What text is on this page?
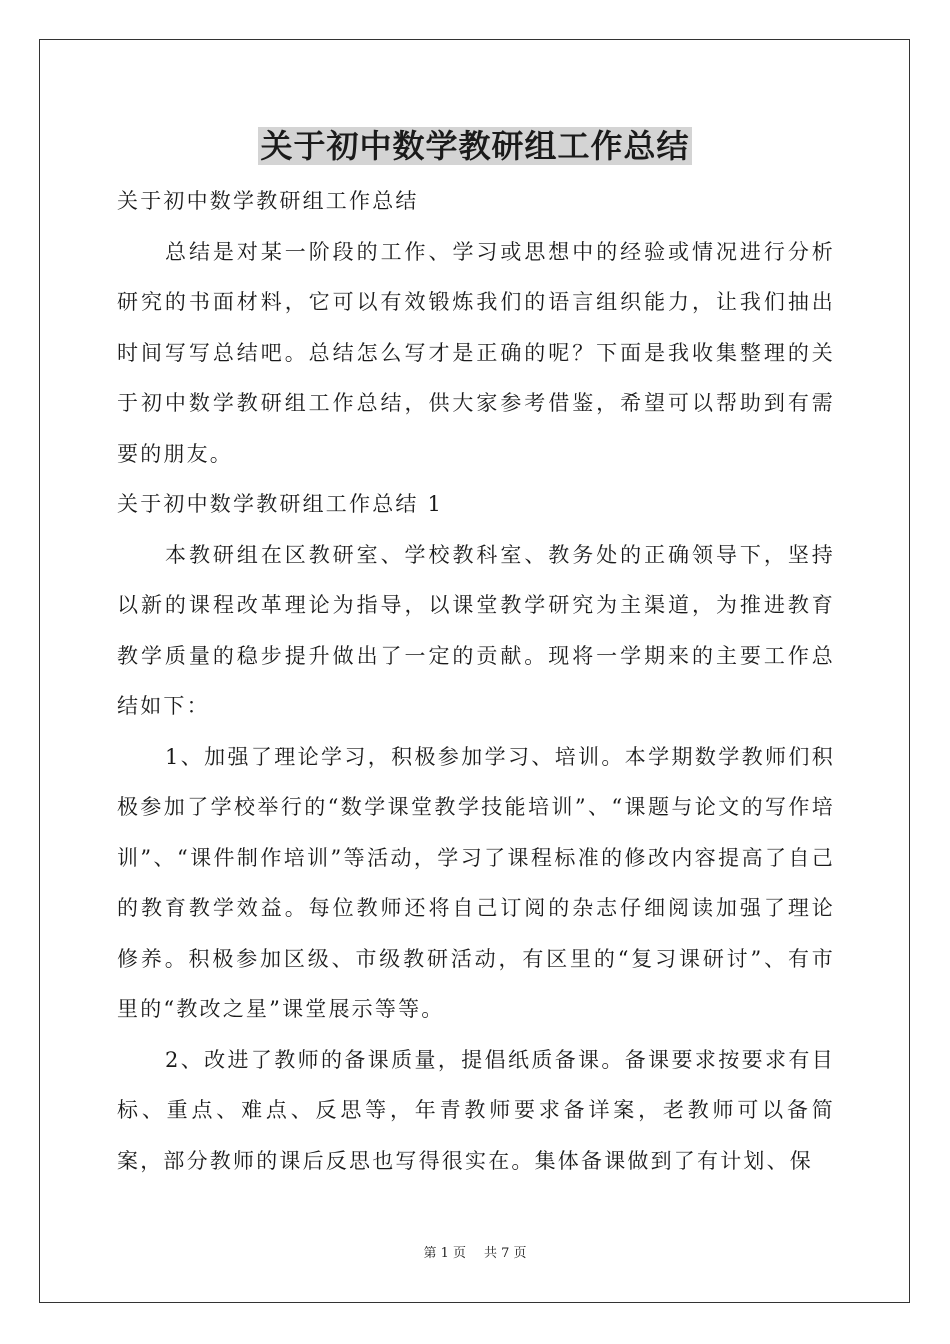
关于初中数学教研组工作总结

关于初中数学教研组工作总结

总结是对某一阶段的工作、学习或思想中的经验或情况进行分析研究的书面材料，它可以有效锻炼我们的语言组织能力，让我们抽出时间写写总结吧。总结怎么写才是正确的呢？下面是我收集整理的关于初中数学教研组工作总结，供大家参考借鉴，希望可以帮助到有需要的朋友。

关于初中数学教研组工作总结 1

本教研组在区教研室、学校教科室、教务处的正确领导下，坚持以新的课程改革理论为指导，以课堂教学研究为主渠道，为推进教育教学质量的稳步提升做出了一定的贡献。现将一学期来的主要工作总结如下：

1、加强了理论学习，积极参加学习、培训。本学期数学教师们积极参加了学校举行的“数学课堂教学技能培训”、“课题与论文的写作培训”、“课件制作培训”等活动，学习了课程标准的修改内容提高了自己的教育教学效益。每位教师还将自己订阅的杂志仔细阅读加强了理论修养。积极参加区级、市级教研活动，有区里的“复习课研讨”、有市里的“教改之星”课堂展示等等。

2、改进了教师的备课质量，提倡纸质备课。备课要求按要求有目标、重点、难点、反思等，年青教师要求备详案，老教师可以备简案，部分教师的课后反思也写得很实在。集体备课做到了有计划、保

第 1 页 共 7 页
